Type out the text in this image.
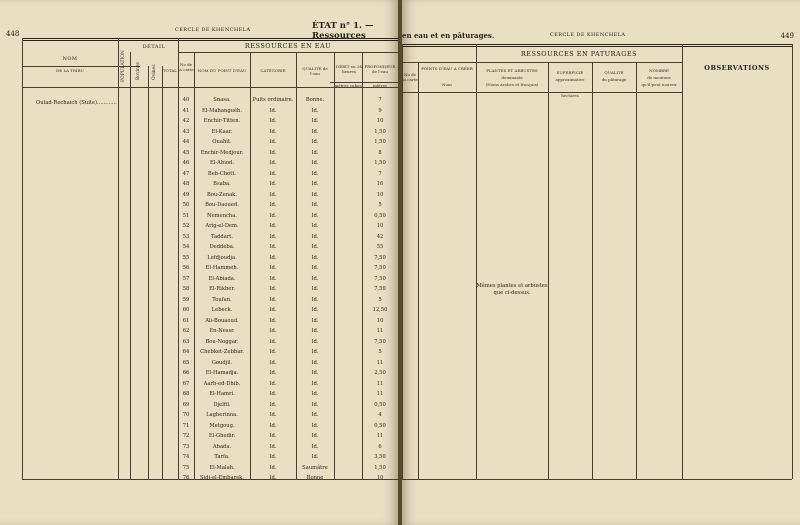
448	CERCLE DE KHENCHELA	ÉTAT n° 1. — Ressources
NOM
DE LA TRIBU	POPULATION
DÉTAIL
Bovines Ovines TOTAL
RESSOURCES EN EAU
No de la carte	NOM DU POINT D'EAU	CATÉGORIE	QUALITÉ de l'eau
DÉBIT en 24 heures
PROFONDEUR de l'eau
mètres cubes	mètres
Oulad-Rechaich (Suite)............	40	Snasa.	Puits ordinaire.	Bonne.	7
41	El-Mahanguéb.	Id.	Id.	9
42	Enchir-Titten.	Id.	Id.	10
43	El-Kaar.	Id.	Id.	1,50
44	Ouahit.	Id.	Id.	1,50
45	Enchir-Medjour.	Id.	Id.	8
46	El-Abiod.	Id.	Id.	1,50
47	Beb-Chott.	Id.	Id.	7
48	Bsaba.	Id.	Id.	16
49	Bou-Zenak.	Id.	Id.	10
50	Bou-Daoued.	Id.	Id.	5
51	Nemencha.	Id.	Id.	0,50
52	Arig-el-Dem.	Id.	Id.	10
53	Taddart.	Id.	Id.	42
54	Deddeba.	Id.	Id.	55
55	Lefdjoudja.	Id.	Id.	7,50
56	El-Hammeh.	Id.	Id.	7,50
57	El-Abiada.	Id.	Id.	7,50
58	El-Rikber.	Id.	Id.	7,50
59	Toufan.	Id.	Id.	5
60	Lebeck.	Id.	Id.	12,50
61	Ali-Bouaoud.	Id.	Id.	10
62	En-Nessr.	Id.	Id.	11
63	Bou-Noggar.	Id.	Id.	7,50
64	Chebket-Zebbar.	Id.	Id.	5
65	Goudjil.	Id.	Id.	11
66	El-Hamadja.	Id.	Id.	2,50
67	Aarb-ed-Dhib.	Id.	Id.	11
68	El-Hamri.	Id.	Id.	11
69	Djelfil.	Id.	Id.	0,50
70	Lagherinna.	Id.	Id.	4
71	Metgoug.	Id.	Id.	0,50
72	El-Ghedir.	Id.	Id.	11
73	Abada.	Id.	Id.	6
74	Tarfa.	Id.	Id.	3,50
75	El-Malah.	Id.	Saumâtre	1,50
76	Sidi-el-Embarek.	Id.	Bonne	10
449
CERCLE DE KHENCHELA
en eau et en pâturages.
RESSOURCES EN PATURAGES
OBSERVATIONS
No de la carte
POINTS D'EAU A CRÉER
Nom
PLANTES ET ARBUSTES
dominants
(Noms arabes et français)
SUPERFICIE
approximative
hectares
QUALITÉ
du pâturage
NOMBRE
de moutons
qu'il peut nourrir
Mêmes plantes et arbustes
que ci-dessus.
